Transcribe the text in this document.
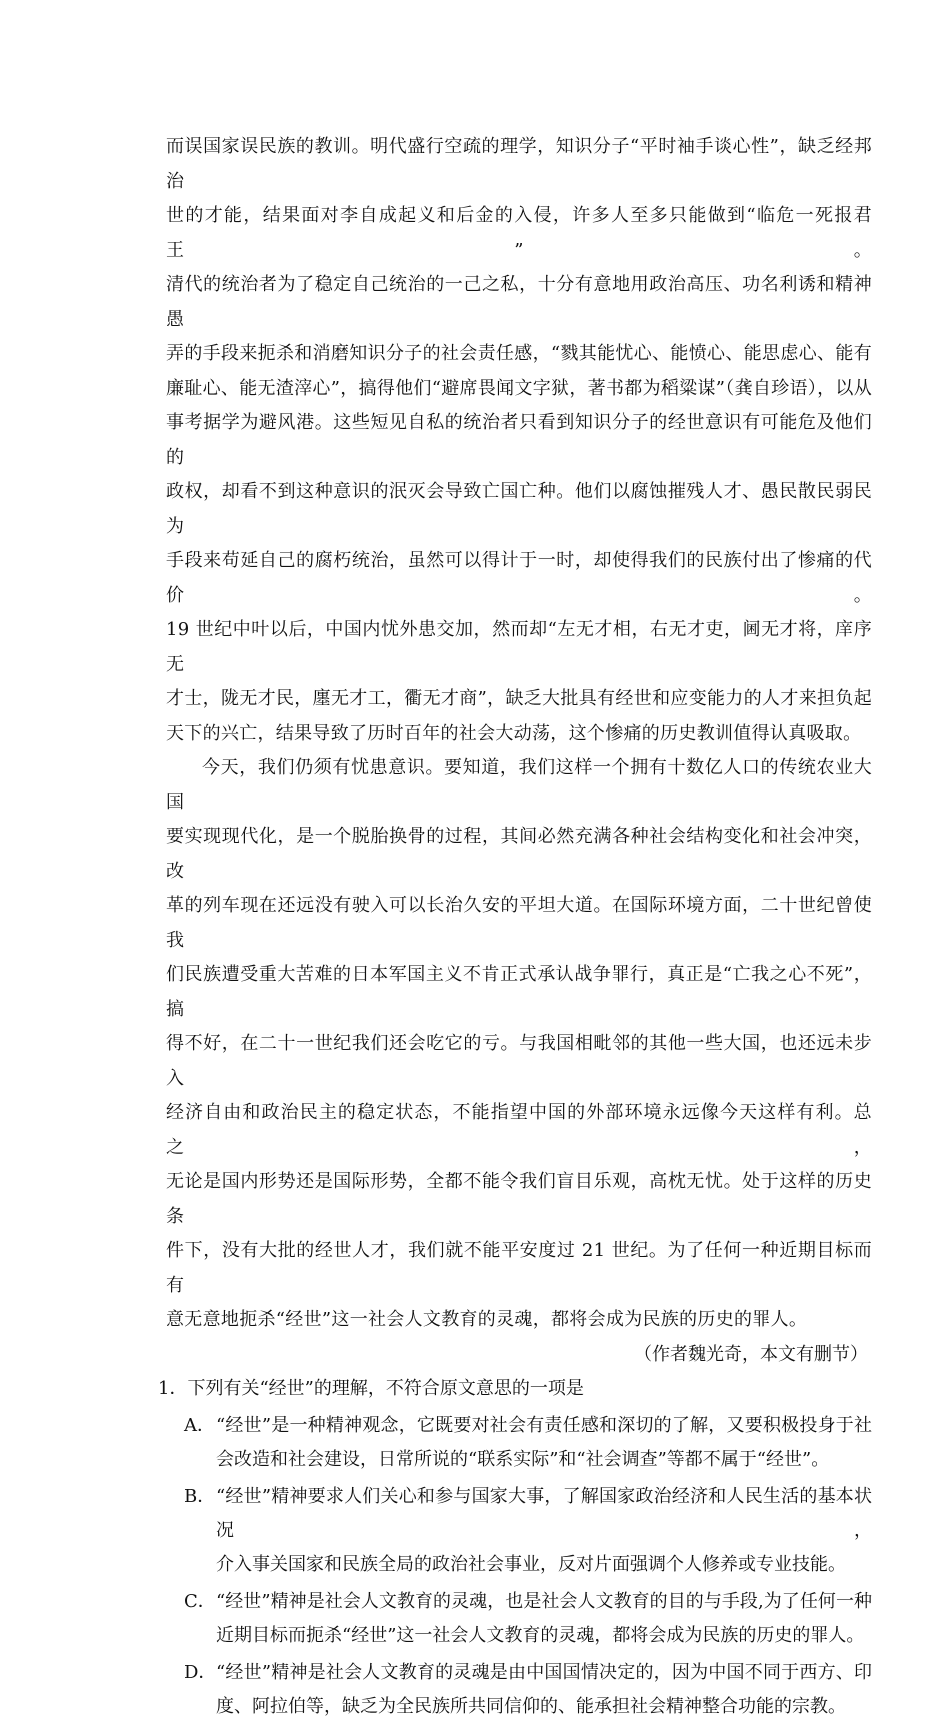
而误国家误民族的教训。明代盛行空疏的理学，知识分子“平时袖手谈心性”，缺乏经邦治

世的才能，结果面对李自成起义和后金的入侵，许多人至多只能做到“临危一死报君王”。

清代的统治者为了稳定自己统治的一己之私，十分有意地用政治高压、功名利诱和精神愚

弄的手段来扼杀和消磨知识分子的社会责任感，“戮其能忧心、能愤心、能思虑心、能有

廉耻心、能无渣滓心”，搞得他们“避席畏闻文字狱，著书都为稻粱谋”（龚自珍语），以从

事考据学为避风港。这些短见自私的统治者只看到知识分子的经世意识有可能危及他们的

政权，却看不到这种意识的泯灭会导致亡国亡种。他们以腐蚀摧残人才、愚民散民弱民为

手段来苟延自己的腐朽统治，虽然可以得计于一时，却使得我们的民族付出了惨痛的代价。

19 世纪中叶以后，中国内忧外患交加，然而却“左无才相，右无才吏，阃无才将，庠序无

才士，陇无才民，廛无才工，衢无才商”，缺乏大批具有经世和应变能力的人才来担负起

天下的兴亡，结果导致了历时百年的社会大动荡，这个惨痛的历史教训值得认真吸取。

今天，我们仍须有忧患意识。要知道，我们这样一个拥有十数亿人口的传统农业大国

要实现现代化，是一个脱胎换骨的过程，其间必然充满各种社会结构变化和社会冲突，改

革的列车现在还远没有驶入可以长治久安的平坦大道。在国际环境方面，二十世纪曾使我

们民族遭受重大苦难的日本军国主义不肯正式承认战争罪行，真正是“亡我之心不死”，搞

得不好，在二十一世纪我们还会吃它的亏。与我国相毗邻的其他一些大国，也还远未步入

经济自由和政治民主的稳定状态，不能指望中国的外部环境永远像今天这样有利。总之，

无论是国内形势还是国际形势，全都不能令我们盲目乐观，高枕无忧。处于这样的历史条

件下，没有大批的经世人才，我们就不能平安度过 21 世纪。为了任何一种近期目标而有

意无意地扼杀“经世”这一社会人文教育的灵魂，都将会成为民族的历史的罪人。

（作者魏光奇，本文有删节）

1．下列有关“经世”的理解，不符合原文意思的一项是

A． “经世”是一种精神观念，它既要对社会有责任感和深切的了解，又要积极投身于社

会改造和社会建设，日常所说的“联系实际”和“社会调查”等都不属于“经世”。

B． “经世”精神要求人们关心和参与国家大事，了解国家政治经济和人民生活的基本状况，

介入事关国家和民族全局的政治社会事业，反对片面强调个人修养或专业技能。

C． “经世”精神是社会人文教育的灵魂，也是社会人文教育的目的与手段,为了任何一种

近期目标而扼杀“经世”这一社会人文教育的灵魂，都将会成为民族的历史的罪人。

D． “经世”精神是社会人文教育的灵魂是由中国国情决定的，因为中国不同于西方、印

度、阿拉伯等，缺乏为全民族所共同信仰的、能承担社会精神整合功能的宗教。
